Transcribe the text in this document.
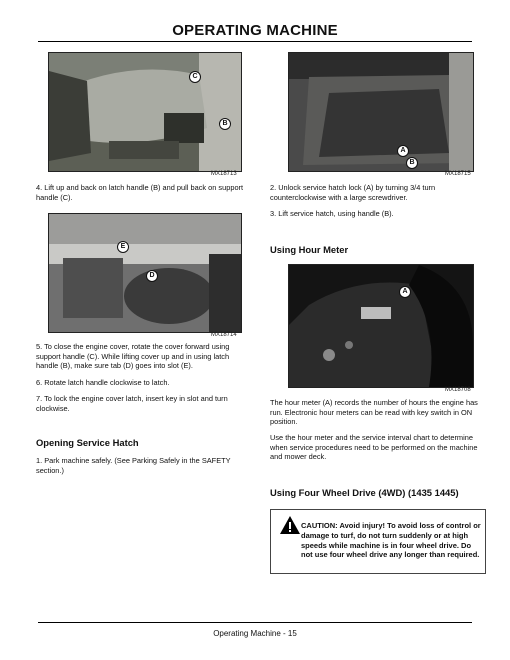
OPERATING MACHINE
C
B
MX18713
A
B
MX18715

4. Lift up and back on latch handle (B) and pull back on support handle (C).

E
D
MX18714

5. To close the engine cover, rotate the cover forward using support handle (C). While lifting cover up and in using latch handle (B), make sure tab (D) goes into slot (E).

6. Rotate latch handle clockwise to latch.

7. To lock the engine cover latch, insert key in slot and turn clockwise.

Opening Service Hatch

1. Park machine safely. (See Parking Safely in the SAFETY section.)

2. Unlock service hatch lock (A) by turning 3/4 turn counterclockwise with a large screwdriver.

3. Lift service hatch, using handle (B).

Using Hour Meter
A
MX18708

The hour meter (A) records the number of hours the engine has run. Electronic hour meters can be read with key switch in ON position.

Use the hour meter and the service interval chart to determine when service procedures need to be performed on the machine and mower deck.

Using Four Wheel Drive (4WD) (1435 1445)
CAUTION: Avoid injury! To avoid loss of control or damage to turf, do not turn suddenly or at high speeds while machine is in four wheel drive. Do not use four wheel drive any longer than required.
Operating Machine - 15
